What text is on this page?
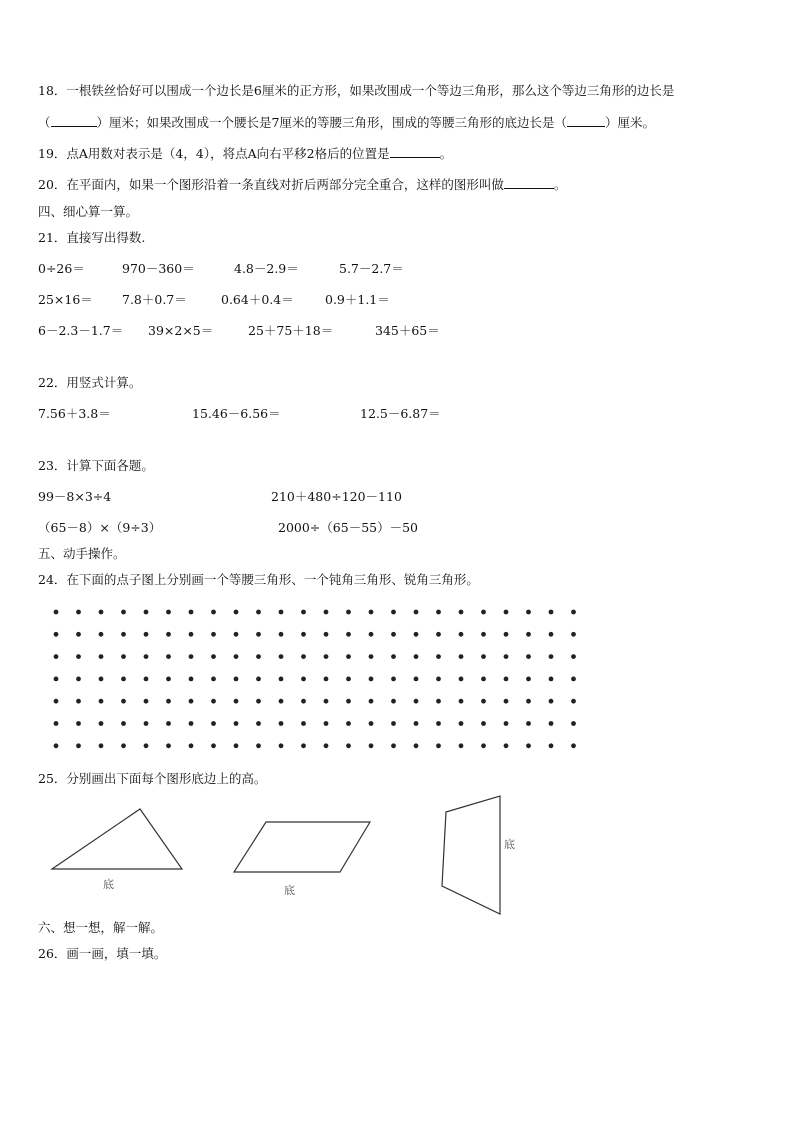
18．一根铁丝恰好可以围成一个边长是6厘米的正方形，如果改围成一个等边三角形，那么这个等边三角形的边长是
（	）厘米；如果改围成一个腰长是7厘米的等腰三角形，围成的等腰三角形的底边长是（	）厘米。
19．点A用数对表示是（4，4），将点A向右平移2格后的位置是	。
20．在平面内，如果一个图形沿着一条直线对折后两部分完全重合，这样的图形叫做	。
四、细心算一算。
21．直接写出得数.
0÷26＝	970－360＝	4.8－2.9＝	5.7－2.7＝
25×16＝ 7.8＋0.7＝	0.64＋0.4＝	0.9＋1.1＝
6－2.3－1.7＝ 39×2×5＝	25＋75＋18＝	345＋65＝
22．用竖式计算。
7.56＋3.8＝	15.46－6.56＝	12.5－6.87＝
23．计算下面各题。
99－8×3÷4	210＋480÷120－110
（65－8）×（9÷3）	2000÷（65－55）－50
五、动手操作。
24．在下面的点子图上分别画一个等腰三角形、一个钝角三角形、锐角三角形。
25．分别画出下面每个图形底边上的高。
底	底
底
六、想一想，解一解。
26．画一画，填一填。
